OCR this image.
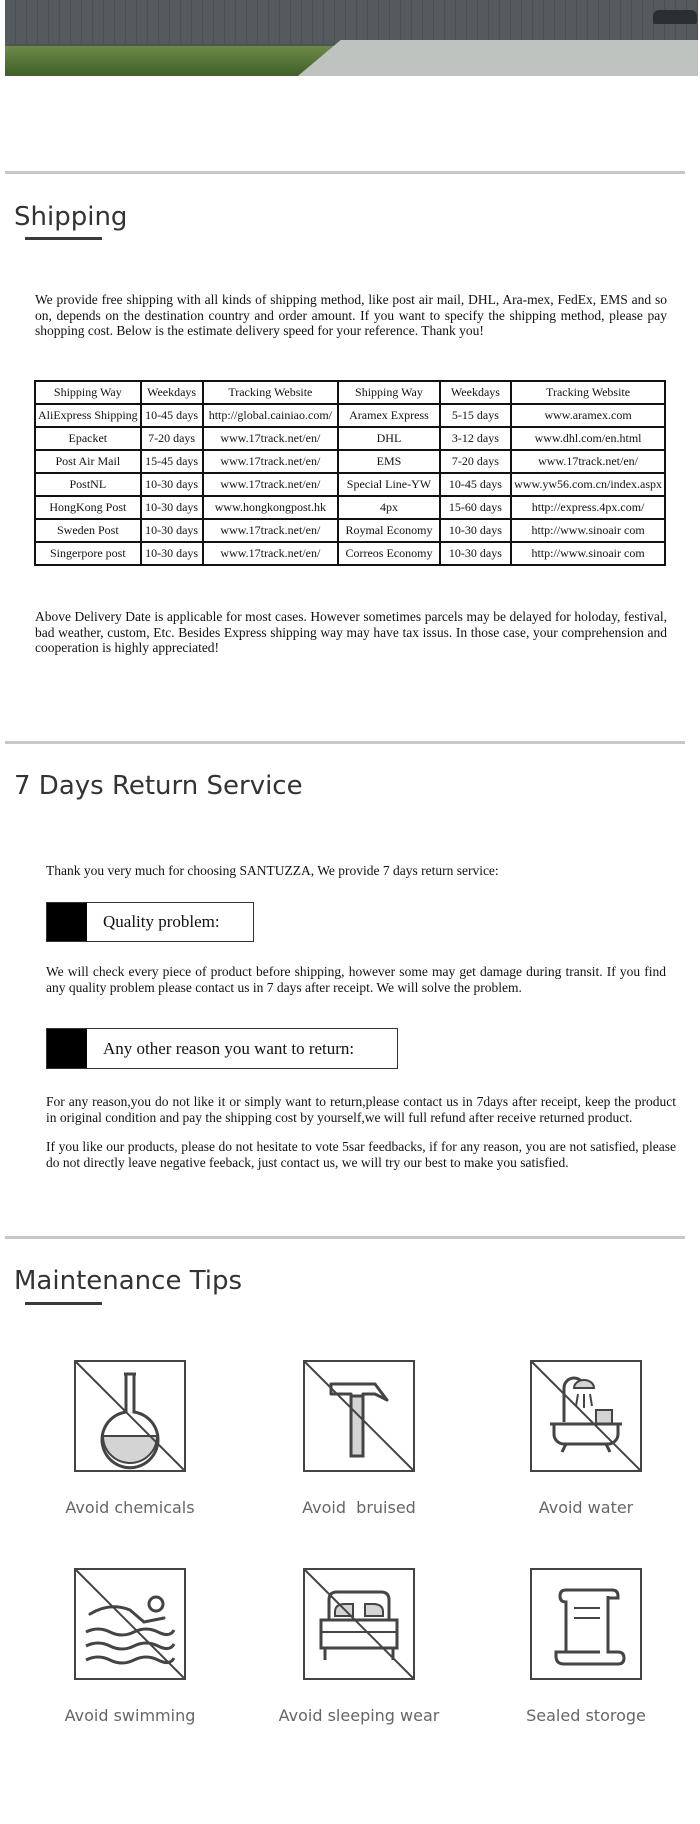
Shipping

We provide free shipping with all kinds of shipping method, like post air mail, DHL, Ara-mex, FedEx, EMS and so on, depends on the destination country and order amount. If you want to specify the shipping method, please pay shopping cost. Below is the estimate delivery speed for your reference. Thank you!

Shipping Way	Weekdays	Tracking Website	Shipping Way	Weekdays	Tracking Website
AliExpress Shipping	10-45 days	http://global.cainiao.com/	Aramex Express	5-15 days	www.aramex.com
Epacket	7-20 days	www.17track.net/en/	DHL	3-12 days	www.dhl.com/en.html
Post Air Mail	15-45 days	www.17track.net/en/	EMS	7-20 days	www.17track.net/en/
PostNL	10-30 days	www.17track.net/en/	Special Line-YW	10-45 days	www.yw56.com.cn/index.aspx
HongKong Post	10-30 days	www.hongkongpost.hk	4px	15-60 days	http://express.4px.com/
Sweden Post	10-30 days	www.17track.net/en/	Roymal Economy	10-30 days	http://www.sinoair com
Singerpore post	10-30 days	www.17track.net/en/	Correos Economy	10-30 days	http://www.sinoair com

Above Delivery Date is applicable for most cases. However sometimes parcels may be delayed for holoday, festival, bad weather, custom, Etc. Besides Express shipping way may have tax issus. In those case, your comprehension and cooperation is highly appreciated!

7 Days Return Service

Thank you very much for choosing SANTUZZA, We provide 7 days return service:

Quality problem:

We will check every piece of product before shipping, however some may get damage during transit. If you find any quality problem please contact us in 7 days after receipt. We will solve the problem.

Any other reason you want to return:

For any reason,you do not like it or simply want to return,please contact us in 7days after receipt, keep the product in original condition and pay the shipping cost by yourself,we will full refund after receive returned product.

If you like our products, please do not hesitate to vote 5sar feedbacks, if for any reason, you are not satisfied, please do not directly leave negative feeback, just contact us, we will try our best to make you satisfied.

Maintenance Tips
Avoid chemicals	Avoid  bruised	Avoid water
Avoid swimming	Avoid sleeping wear	Sealed storoge
